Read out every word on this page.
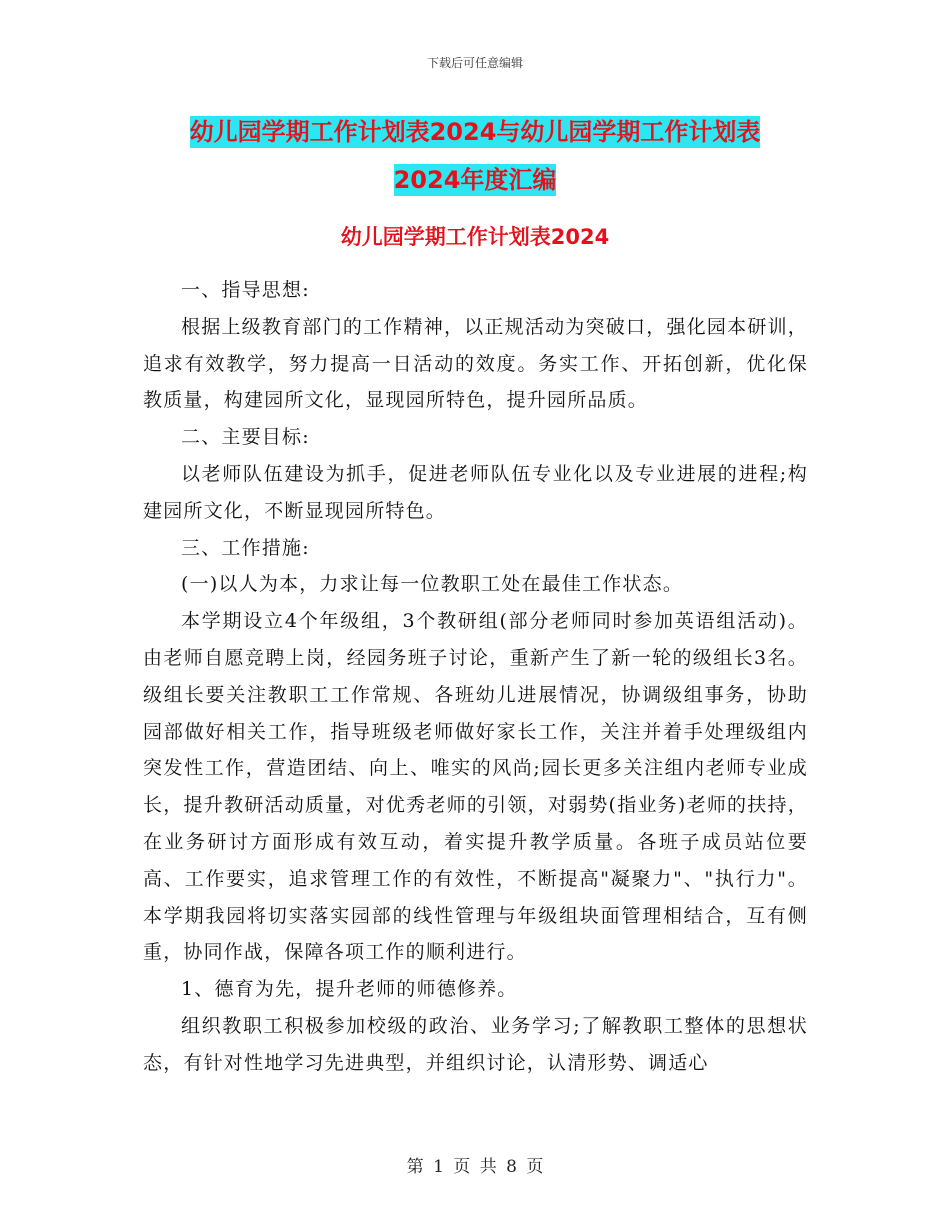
下载后可任意编辑
幼儿园学期工作计划表2024与幼儿园学期工作计划表
2024年度汇编
幼儿园学期工作计划表2024

一、指导思想:

根据上级教育部门的工作精神，以正规活动为突破口，强化园本研训，追求有效教学，努力提高一日活动的效度。务实工作、开拓创新，优化保教质量，构建园所文化，显现园所特色，提升园所品质。

二、主要目标:

以老师队伍建设为抓手，促进老师队伍专业化以及专业进展的进程;构建园所文化，不断显现园所特色。

三、工作措施:

(一)以人为本，力求让每一位教职工处在最佳工作状态。

本学期设立4个年级组，3个教研组(部分老师同时参加英语组活动)。由老师自愿竞聘上岗，经园务班子讨论，重新产生了新一轮的级组长3名。级组长要关注教职工工作常规、各班幼儿进展情况，协调级组事务，协助园部做好相关工作，指导班级老师做好家长工作，关注并着手处理级组内突发性工作，营造团结、向上、唯实的风尚;园长更多关注组内老师专业成长，提升教研活动质量，对优秀老师的引领，对弱势(指业务)老师的扶持，在业务研讨方面形成有效互动，着实提升教学质量。各班子成员站位要高、工作要实，追求管理工作的有效性，不断提高"凝聚力"、"执行力"。本学期我园将切实落实园部的线性管理与年级组块面管理相结合，互有侧重，协同作战，保障各项工作的顺利进行。

1、德育为先，提升老师的师德修养。

组织教职工积极参加校级的政治、业务学习;了解教职工整体的思想状态，有针对性地学习先进典型，并组织讨论，认清形势、调适心

第 1 页 共 8 页
